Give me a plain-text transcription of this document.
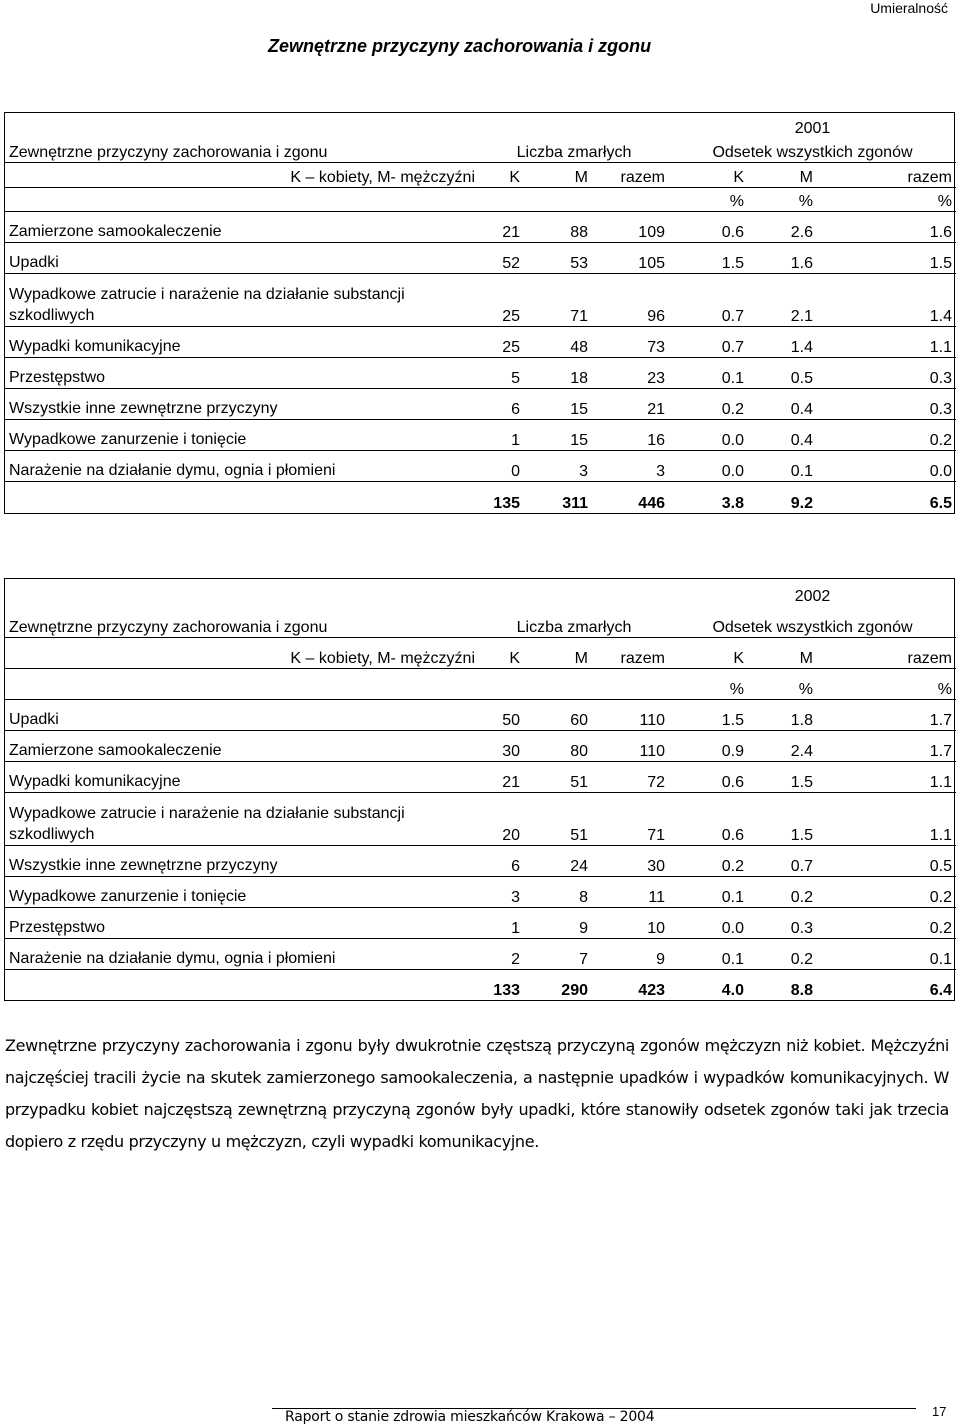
Umieralność
Zewnętrzne przyczyny zachorowania i zgonu
				2001		
Zewnętrzne przyczyny zachorowania i zgonu	Liczba zmarłych			Odsetek wszystkich zgonów		
K – kobiety, M- mężczyźni	K	M	razem	K	M	razem
				%	%	%
Zamierzone samookaleczenie	21	88	109	0.6	2.6	1.6
Upadki	52	53	105	1.5	1.6	1.5
Wypadkowe zatrucie i narażenie na działanie substancji szkodliwych	25	71	96	0.7	2.1	1.4
Wypadki komunikacyjne	25	48	73	0.7	1.4	1.1
Przestępstwo	5	18	23	0.1	0.5	0.3
Wszystkie inne zewnętrzne przyczyny	6	15	21	0.2	0.4	0.3
Wypadkowe zanurzenie i tonięcie	1	15	16	0.0	0.4	0.2
Narażenie na działanie dymu, ognia i płomieni	0	3	3	0.0	0.1	0.0
	135	311	446	3.8	9.2	6.5
				2002		
Zewnętrzne przyczyny zachorowania i zgonu	Liczba zmarłych			Odsetek wszystkich zgonów		
K – kobiety, M- mężczyźni	K	M	razem	K	M	razem
				%	%	%
Upadki	50	60	110	1.5	1.8	1.7
Zamierzone samookaleczenie	30	80	110	0.9	2.4	1.7
Wypadki komunikacyjne	21	51	72	0.6	1.5	1.1
Wypadkowe zatrucie i narażenie na działanie substancji szkodliwych	20	51	71	0.6	1.5	1.1
Wszystkie inne zewnętrzne przyczyny	6	24	30	0.2	0.7	0.5
Wypadkowe zanurzenie i tonięcie	3	8	11	0.1	0.2	0.2
Przestępstwo	1	9	10	0.0	0.3	0.2
Narażenie na działanie dymu, ognia i płomieni	2	7	9	0.1	0.2	0.1
	133	290	423	4.0	8.8	6.4
Zewnętrzne przyczyny zachorowania i zgonu były dwukrotnie częstszą przyczyną zgonów mężczyzn niż kobiet. Mężczyźni najczęściej tracili życie na skutek zamierzonego samookaleczenia, a następnie upadków i wypadków komunikacyjnych. W przypadku kobiet najczęstszą zewnętrzną przyczyną zgonów były upadki, które stanowiły odsetek zgonów taki jak trzecia dopiero z rzędu przyczyny u mężczyzn, czyli wypadki komunikacyjne.
Raport o stanie zdrowia mieszkańców Krakowa – 2004	17
